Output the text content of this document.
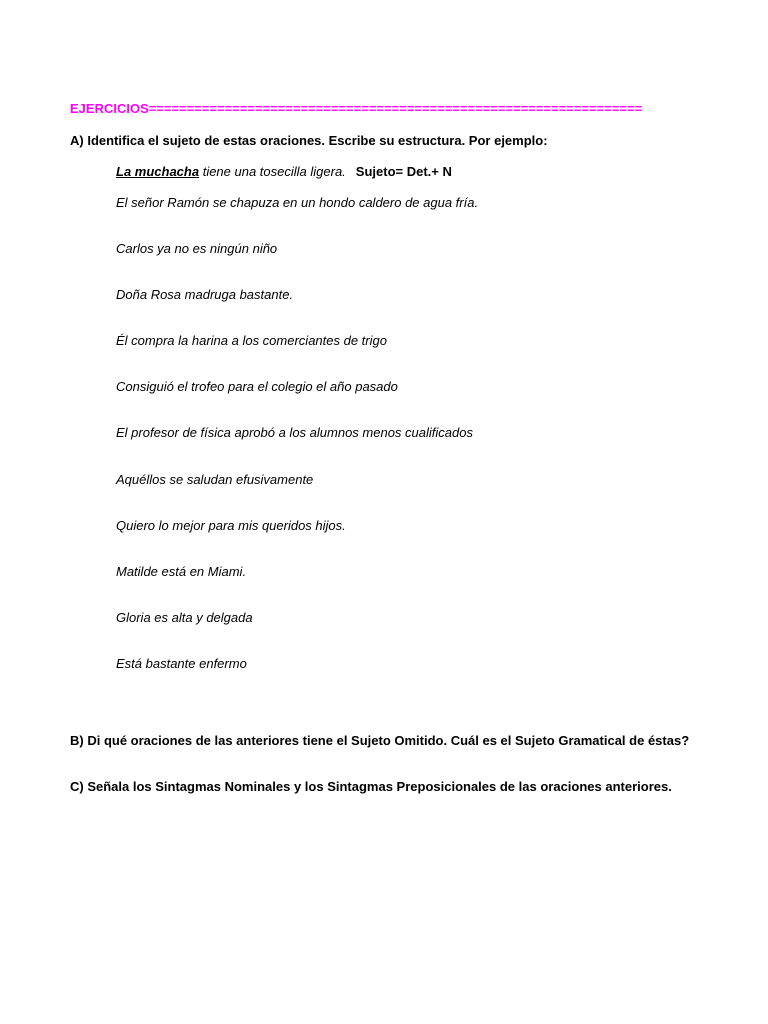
EJERCICIOS=================================================================
A) Identifica el sujeto de estas oraciones. Escribe su estructura. Por ejemplo:
La muchacha tiene una tosecilla ligera. Sujeto= Det.+ N
El señor Ramón se chapuza en un hondo caldero de agua fría.
Carlos ya no es ningún niño
Doña Rosa madruga bastante.
Él compra la harina a los comerciantes de trigo
Consiguió el trofeo para el colegio el año pasado
El profesor de física aprobó a los alumnos menos cualificados
Aquéllos se saludan efusivamente
Quiero lo mejor para mis queridos hijos.
Matilde está en Miami.
Gloria es alta y delgada
Está bastante enfermo
B) Di qué oraciones de las anteriores tiene el Sujeto Omitido. Cuál es el Sujeto Gramatical de éstas?
C) Señala los Sintagmas Nominales y los Sintagmas Preposicionales de las oraciones anteriores.
